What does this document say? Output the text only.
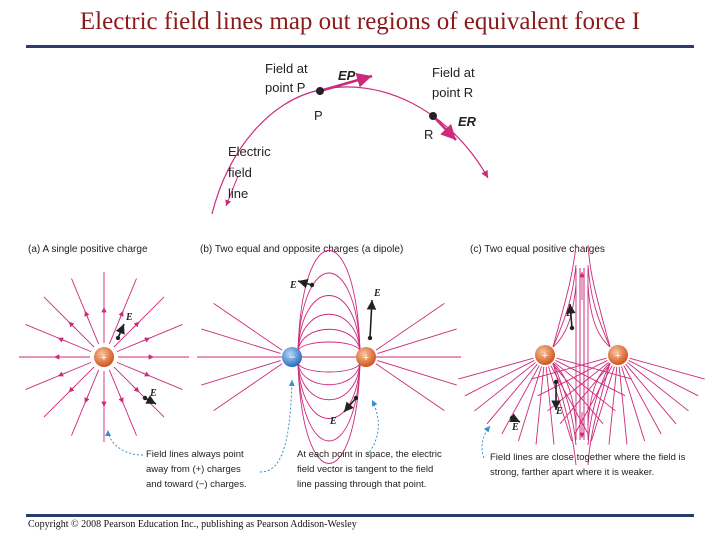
Electric field lines map out regions of equivalent force I
Field at
point P
P
EP	Field at
point R
R
ER
Electric
field
line
(a) A single positive charge	(b) Two equal and opposite charges (a dipole)	(c) Two equal positive charges
+
E
E
−	+
E
E
E
+	+
E
E
E
Field lines always point
away from (+) charges
and toward (−) charges.
At each point in space, the electric
field vector is tangent to the field
line passing through that point.
Field lines are close together where the field is
strong, farther apart where it is weaker.
Copyright © 2008 Pearson Education Inc., publishing as Pearson Addison-Wesley
